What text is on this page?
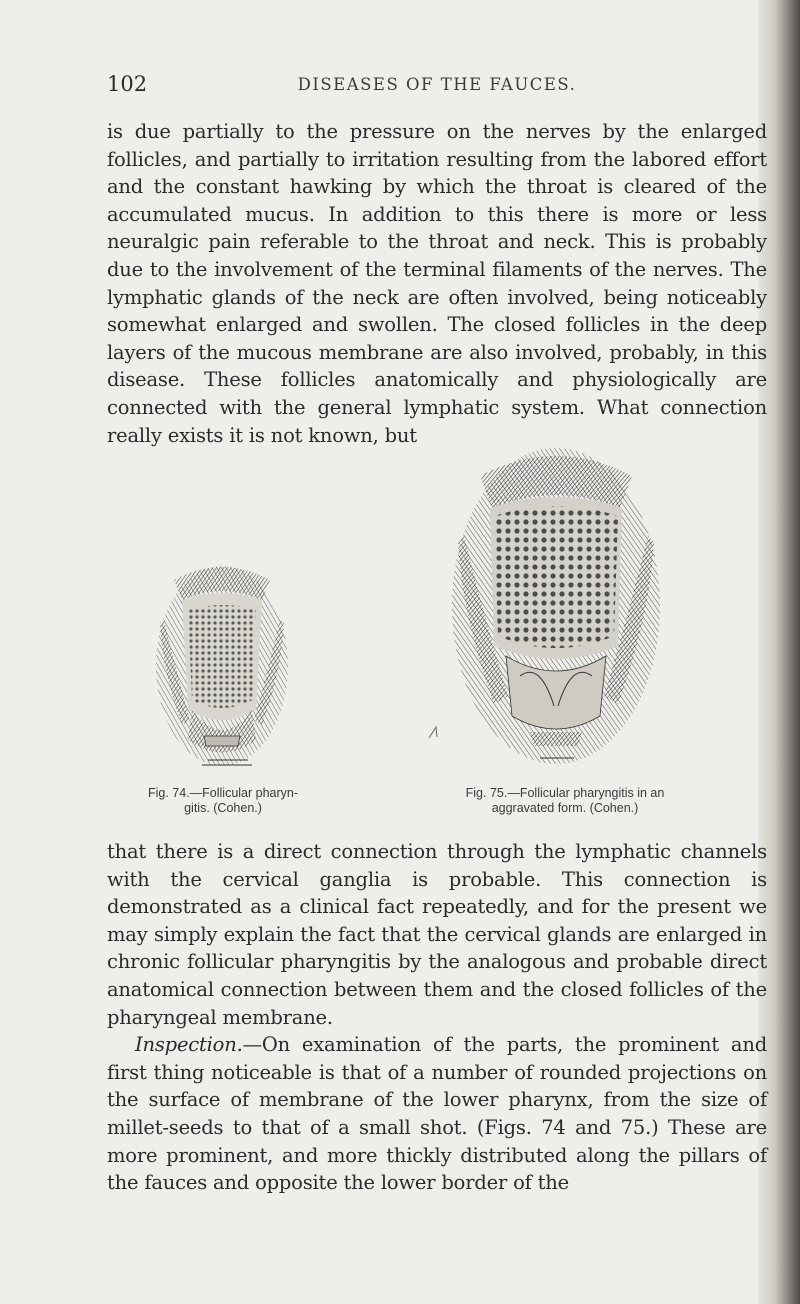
102	DISEASES OF THE FAUCES.
is due partially to the pressure on the nerves by the enlarged follicles, and partially to irritation resulting from the labored effort and the constant hawking by which the throat is cleared of the accumulated mucus. In addition to this there is more or less neuralgic pain referable to the throat and neck. This is probably due to the involvement of the terminal filaments of the nerves. The lymphatic glands of the neck are often involved, being noticeably somewhat enlarged and swollen. The closed follicles in the deep layers of the mucous membrane are also involved, probably, in this disease. These follicles anatomically and physiologically are connected with the general lymphatic system. What connection really exists it is not known, but
Fig. 74.—Follicular pharyn-
gitis. (Cohen.)
Fig. 75.—Follicular pharyngitis in an
aggravated form. (Cohen.)
that there is a direct connection through the lymphatic channels with the cervical ganglia is probable. This connection is demonstrated as a clinical fact repeatedly, and for the present we may simply explain the fact that the cervical glands are enlarged in chronic follicular pharyngitis by the analogous and probable direct anatomical connection between them and the closed follicles of the pharyngeal membrane.
Inspection.—On examination of the parts, the prominent and first thing noticeable is that of a number of rounded projections on the surface of membrane of the lower pharynx, from the size of millet-seeds to that of a small shot. (Figs. 74 and 75.) These are more prominent, and more thickly distributed along the pillars of the fauces and opposite the lower border of the
